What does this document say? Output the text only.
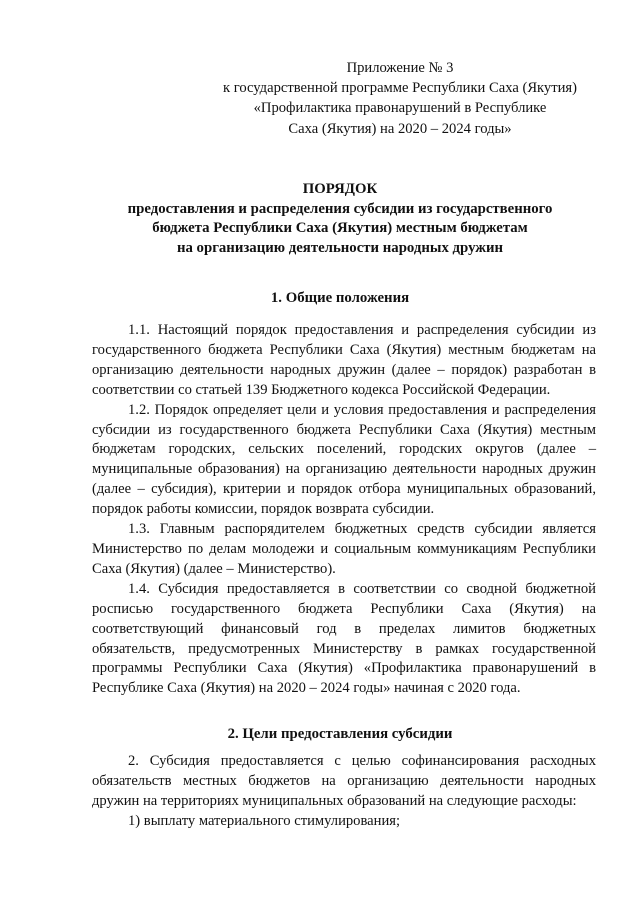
Приложение № 3
к государственной программе Республики Саха (Якутия)
«Профилактика правонарушений в Республике
Саха (Якутия) на 2020 – 2024 годы»
ПОРЯДОК
предоставления и распределения субсидии из государственного
бюджета Республики Саха (Якутия) местным бюджетам
на организацию деятельности народных дружин
1. Общие положения

1.1. Настоящий порядок предоставления и распределения субсидии из государственного бюджета Республики Саха (Якутия) местным бюджетам на организацию деятельности народных дружин (далее – порядок) разработан в соответствии со статьей 139 Бюджетного кодекса Российской Федерации.

1.2. Порядок определяет цели и условия предоставления и распределения субсидии из государственного бюджета Республики Саха (Якутия) местным бюджетам городских, сельских поселений, городских округов (далее – муниципальные образования) на организацию деятельности народных дружин (далее – субсидия), критерии и порядок отбора муниципальных образований, порядок работы комиссии, порядок возврата субсидии.

1.3. Главным распорядителем бюджетных средств субсидии является Министерство по делам молодежи и социальным коммуникациям Республики Саха (Якутия) (далее – Министерство).

1.4. Субсидия предоставляется в соответствии со сводной бюджетной росписью государственного бюджета Республики Саха (Якутия) на соответствующий финансовый год в пределах лимитов бюджетных обязательств, предусмотренных Министерству в рамках государственной программы Республики Саха (Якутия) «Профилактика правонарушений в Республике Саха (Якутия) на 2020 – 2024 годы» начиная с 2020 года.

2. Цели предоставления субсидии

2. Субсидия предоставляется с целью софинансирования расходных обязательств местных бюджетов на организацию деятельности народных дружин на территориях муниципальных образований на следующие расходы:

1) выплату материального стимулирования;
